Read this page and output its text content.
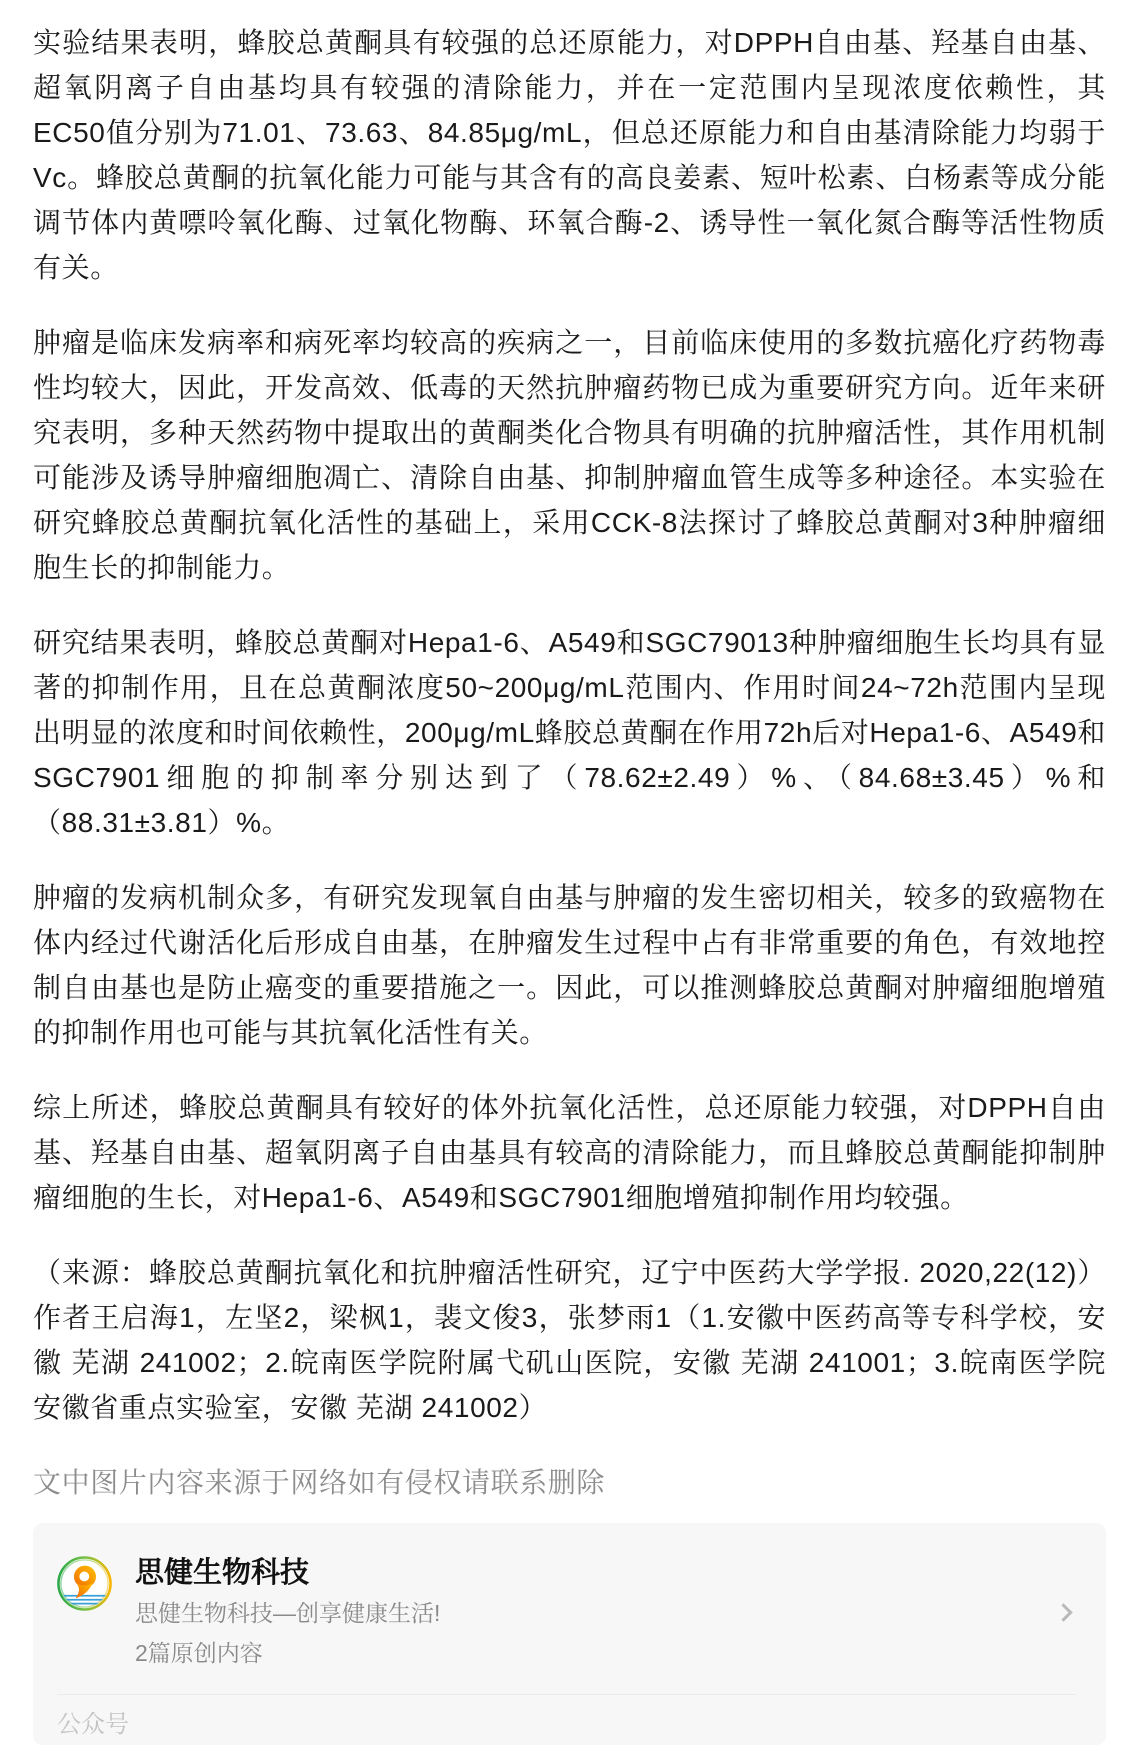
实验结果表明，蜂胶总黄酮具有较强的总还原能力，对DPPH自由基、羟基自由基、超氧阴离子自由基均具有较强的清除能力，并在一定范围内呈现浓度依赖性，其EC50值分别为71.01、73.63、84.85μg/mL，但总还原能力和自由基清除能力均弱于Vc。蜂胶总黄酮的抗氧化能力可能与其含有的高良姜素、短叶松素、白杨素等成分能调节体内黄嘌呤氧化酶、过氧化物酶、环氧合酶-2、诱导性一氧化氮合酶等活性物质有关。

肿瘤是临床发病率和病死率均较高的疾病之一，目前临床使用的多数抗癌化疗药物毒性均较大，因此，开发高效、低毒的天然抗肿瘤药物已成为重要研究方向。近年来研究表明，多种天然药物中提取出的黄酮类化合物具有明确的抗肿瘤活性，其作用机制可能涉及诱导肿瘤细胞凋亡、清除自由基、抑制肿瘤血管生成等多种途径。本实验在研究蜂胶总黄酮抗氧化活性的基础上，采用CCK-8法探讨了蜂胶总黄酮对3种肿瘤细胞生长的抑制能力。

研究结果表明，蜂胶总黄酮对Hepa1-6、A549和SGC79013种肿瘤细胞生长均具有显著的抑制作用，且在总黄酮浓度50~200μg/mL范围内、作用时间24~72h范围内呈现出明显的浓度和时间依赖性，200μg/mL蜂胶总黄酮在作用72h后对Hepa1-6、A549和SGC7901细胞的抑制率分别达到了（78.62±2.49）%、（84.68±3.45）%和（88.31±3.81）%。

肿瘤的发病机制众多，有研究发现氧自由基与肿瘤的发生密切相关，较多的致癌物在体内经过代谢活化后形成自由基，在肿瘤发生过程中占有非常重要的角色，有效地控制自由基也是防止癌变的重要措施之一。因此，可以推测蜂胶总黄酮对肿瘤细胞增殖的抑制作用也可能与其抗氧化活性有关。

综上所述，蜂胶总黄酮具有较好的体外抗氧化活性，总还原能力较强，对DPPH自由基、羟基自由基、超氧阴离子自由基具有较高的清除能力，而且蜂胶总黄酮能抑制肿瘤细胞的生长，对Hepa1-6、A549和SGC7901细胞增殖抑制作用均较强。

（来源：蜂胶总黄酮抗氧化和抗肿瘤活性研究，辽宁中医药大学学报. 2020,22(12)）作者王启海1，左坚2，梁枫1，裴文俊3，张梦雨1（1.安徽中医药高等专科学校，安徽 芜湖 241002；2.皖南医学院附属弋矶山医院，安徽 芜湖 241001；3.皖南医学院安徽省重点实验室，安徽 芜湖 241002）

文中图片内容来源于网络如有侵权请联系删除

思健生物科技
思健生物科技—创享健康生活!
2篇原创内容
公众号
